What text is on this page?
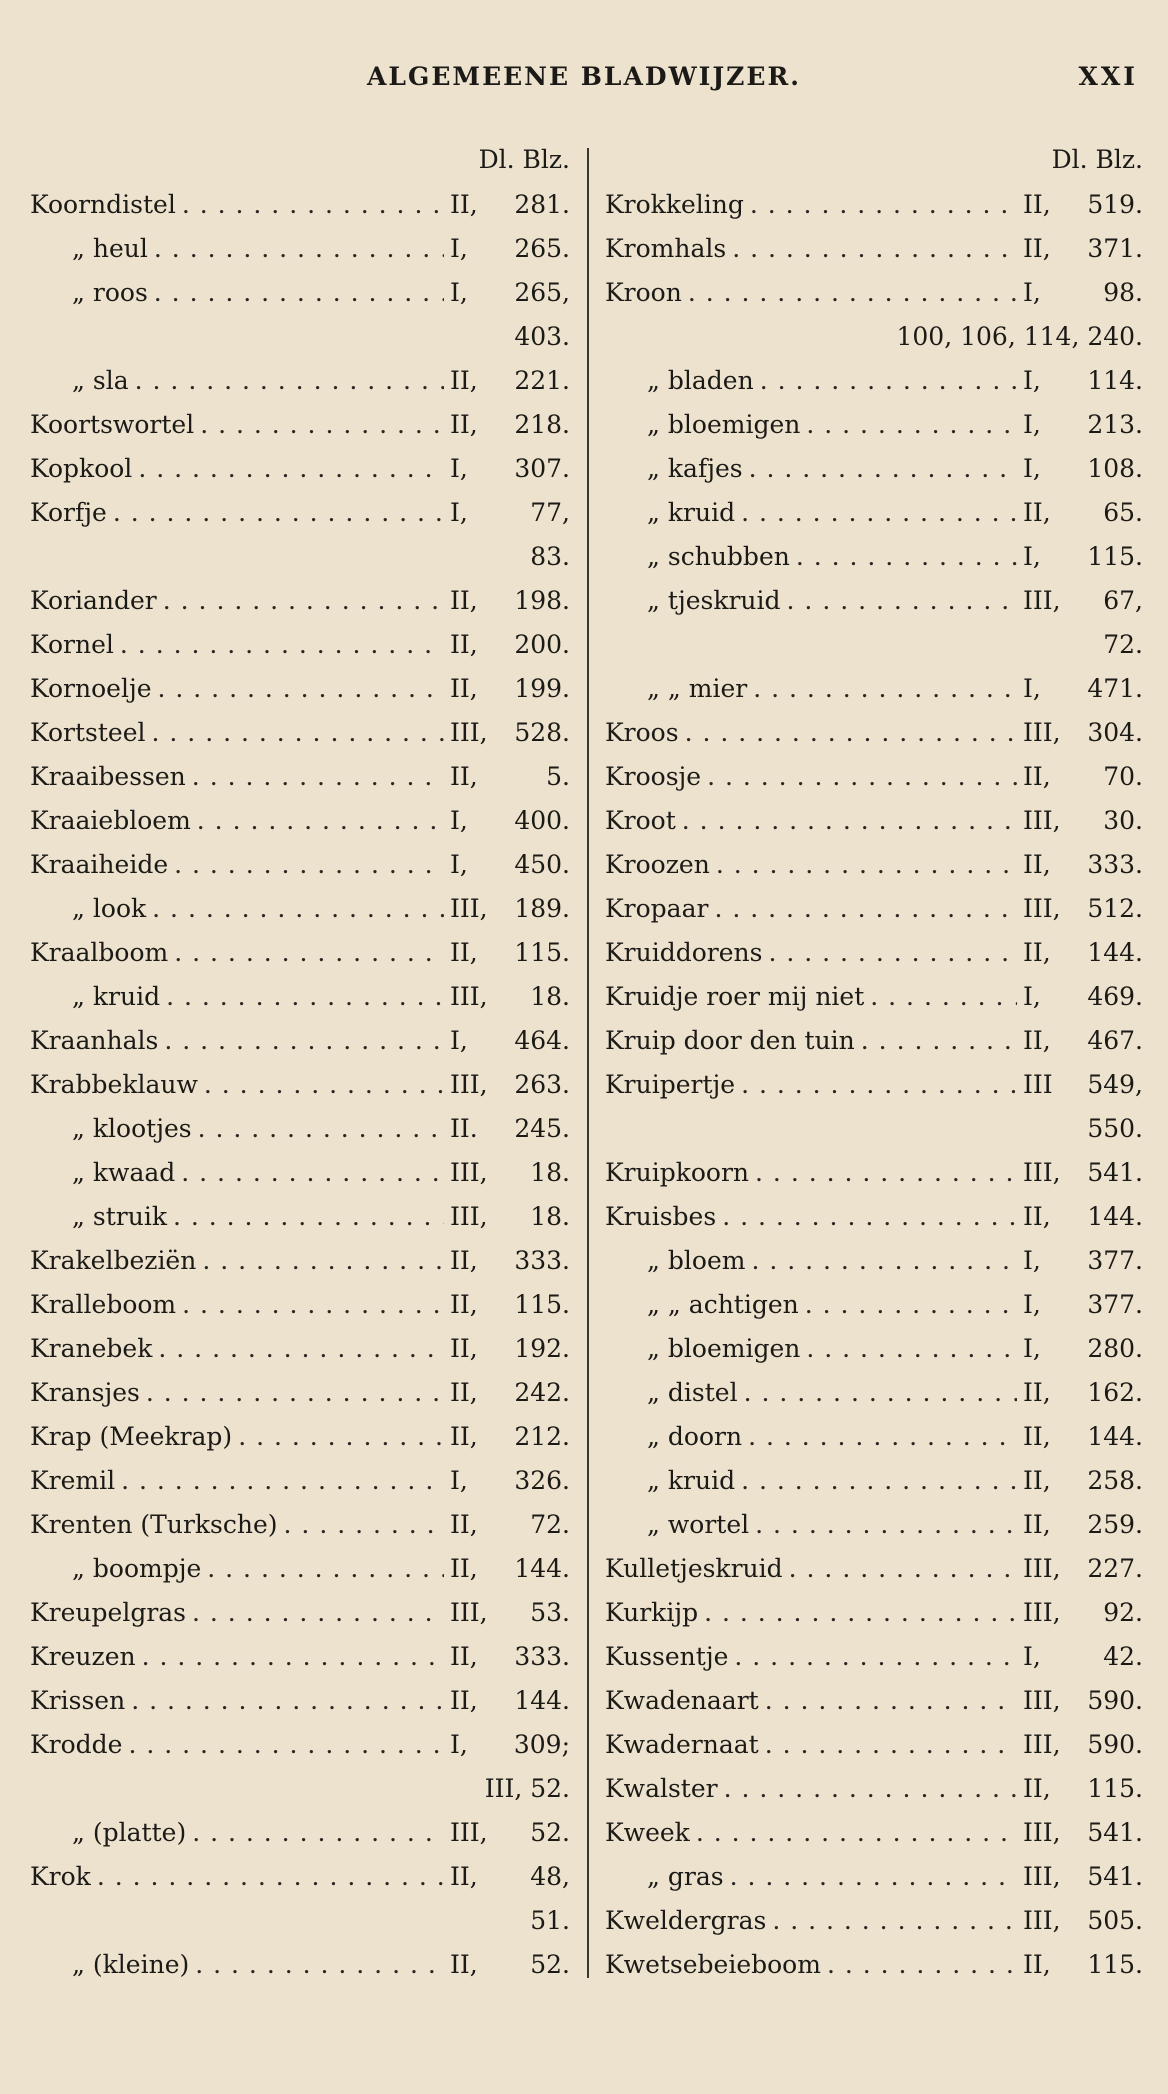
ALGEMEENE BLADWIJZER.	XXI
Dl. Blz.
Koorndistel . . .	II,	281.
„ heul . . .	I,	265.
„ roos . . .	I,	265,
403.
„ sla . . .	II,	221.
Koortswortel . . .	II,	218.
Kopkool . . .	I,	307.
Korfje . . .	I,	77,
83.
Koriander . . .	II,	198.
Kornel . . .	II,	200.
Kornoelje . . .	II,	199.
Kortsteel . . .	III,	528.
Kraaibessen . . .	II,	5.
Kraaiebloem . . .	I,	400.
Kraaiheide . . .	I,	450.
„ look . . .	III,	189.
Kraalboom . . .	II,	115.
„ kruid . . .	III,	18.
Kraanhals . . .	I,	464.
Krabbeklauw . . .	III,	263.
„ klootjes . . .	II.	245.
„ kwaad . . .	III,	18.
„ struik . . .	III,	18.
Krakelbeziën . . .	II,	333.
Kralleboom . . .	II,	115.
Kranebek . . .	II,	192.
Kransjes . . .	II,	242.
Krap (Meekrap) . . .	II,	212.
Kremil . . .	I,	326.
Krenten (Turksche) . . .	II,	72.
„ boompje . . .	II,	144.
Kreupelgras . . .	III,	53.
Kreuzen . . .	II,	333.
Krissen . . .	II,	144.
Krodde . . .	I,	309;
III, 52.
„ (platte) . . .	III,	52.
Krok . . .	II,	48,
51.
„ (kleine) . . .	II,	52.
Dl. Blz.
Krokkeling . . .	II,	519.
Kromhals . . .	II,	371.
Kroon . . .	I,	98.
100, 106, 114, 240.
„ bladen . . .	I,	114.
„ bloemigen . . .	I,	213.
„ kafjes . . .	I,	108.
„ kruid . . .	II,	65.
„ schubben . . .	I,	115.
„ tjeskruid . . .	III,	67,
72.
„ „ mier . . .	I,	471.
Kroos . . .	III,	304.
Kroosje . . .	II,	70.
Kroot . . .	III,	30.
Kroozen . . .	II,	333.
Kropaar . . .	III,	512.
Kruiddorens . . .	II,	144.
Kruidje roer mij niet . . .	I,	469.
Kruip door den tuin . . .	II,	467.
Kruipertje . . .	III	549,
550.
Kruipkoorn . . .	III,	541.
Kruisbes . . .	II,	144.
„ bloem . . .	I,	377.
„ „ achtigen . . .	I,	377.
„ bloemigen . . .	I,	280.
„ distel . . .	II,	162.
„ doorn . . .	II,	144.
„ kruid . . .	II,	258.
„ wortel . . .	II,	259.
Kulletjeskruid . . .	III,	227.
Kurkijp . . .	III,	92.
Kussentje . . .	I,	42.
Kwadenaart . . .	III,	590.
Kwadernaat . . .	III,	590.
Kwalster . . .	II,	115.
Kweek . . .	III,	541.
„ gras . . .	III,	541.
Kweldergras . . .	III,	505.
Kwetsebeieboom . . .	II,	115.
